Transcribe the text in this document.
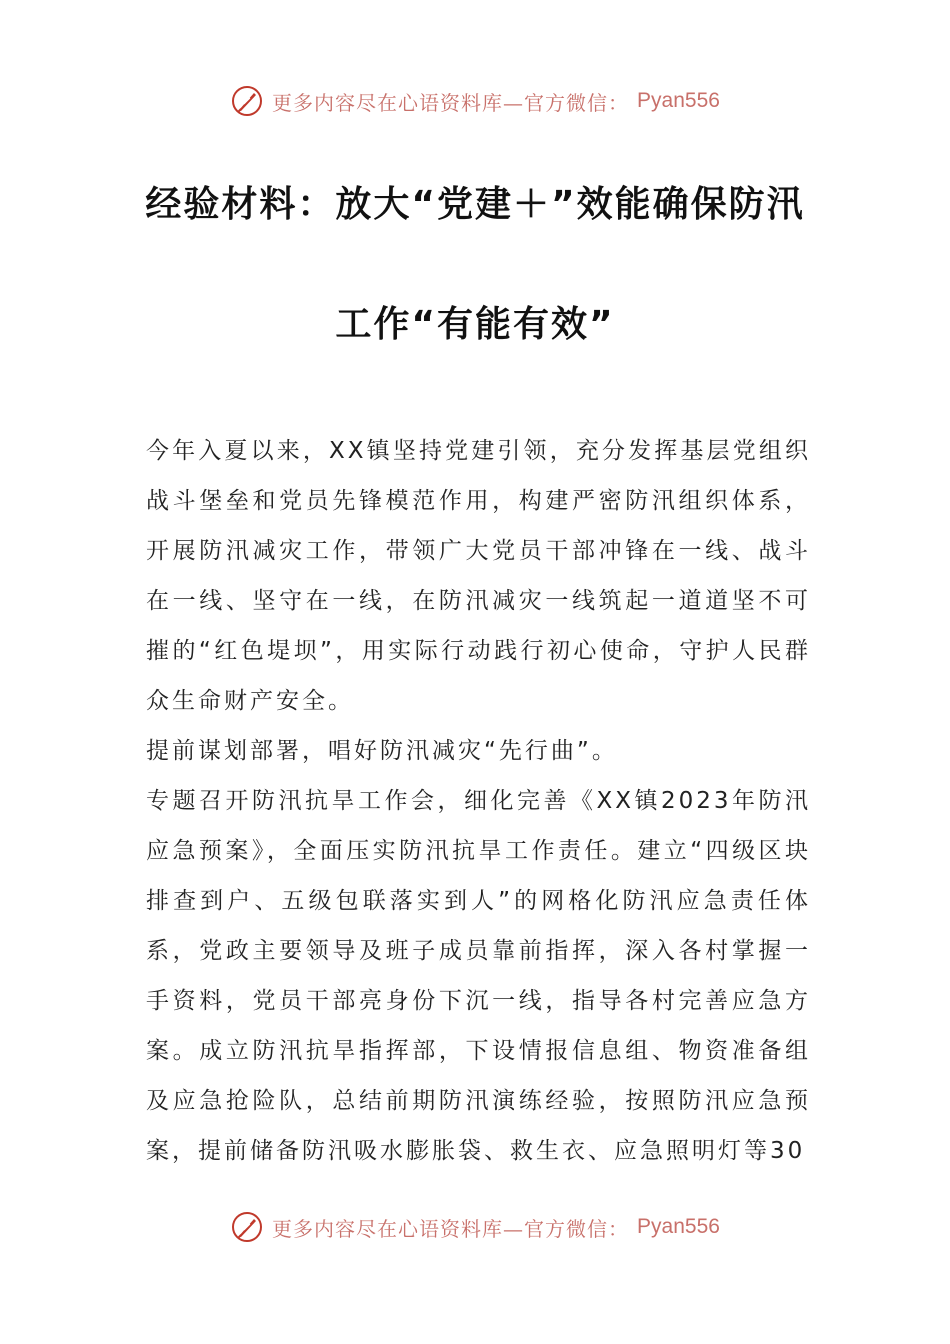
更多内容尽在心语资料库—官方微信： Pyan556
经验材料：放大“党建＋”效能确保防汛
工作“有能有效”

今年入夏以来，XX镇坚持党建引领，充分发挥基层党组织战斗堡垒和党员先锋模范作用，构建严密防汛组织体系，开展防汛减灾工作，带领广大党员干部冲锋在一线、战斗在一线、坚守在一线，在防汛减灾一线筑起一道道坚不可摧的“红色堤坝”，用实际行动践行初心使命，守护人民群众生命财产安全。

提前谋划部署，唱好防汛减灾“先行曲”。

专题召开防汛抗旱工作会，细化完善《XX镇2023年防汛应急预案》，全面压实防汛抗旱工作责任。建立“四级区块排查到户、五级包联落实到人”的网格化防汛应急责任体系，党政主要领导及班子成员靠前指挥，深入各村掌握一手资料，党员干部亮身份下沉一线，指导各村完善应急方案。成立防汛抗旱指挥部，下设情报信息组、物资准备组及应急抢险队，总结前期防汛演练经验，按照防汛应急预案，提前储备防汛吸水膨胀袋、救生衣、应急照明灯等30

更多内容尽在心语资料库—官方微信： Pyan556
